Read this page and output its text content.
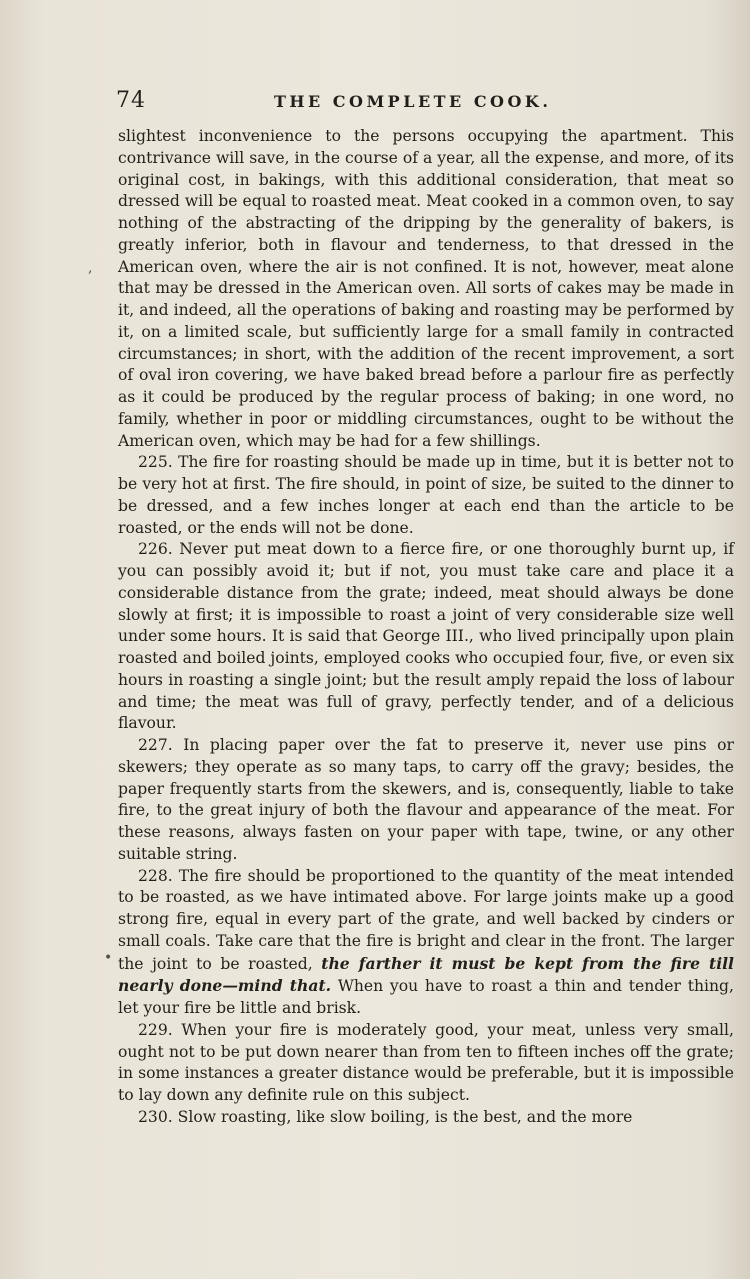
74	THE COMPLETE COOK.

slightest inconvenience to the persons occupying the apartment. This contrivance will save, in the course of a year, all the expense, and more, of its original cost, in bakings, with this additional consideration, that meat so dressed will be equal to roasted meat. Meat cooked in a common oven, to say nothing of the abstracting of the dripping by the generality of bakers, is greatly inferior, both in flavour and tenderness, to that dressed in the American oven, where the air is not confined. It is not, however, meat alone that may be dressed in the American oven. All sorts of cakes may be made in it, and indeed, all the operations of baking and roasting may be performed by it, on a limited scale, but sufficiently large for a small family in contracted circumstances; in short, with the addition of the recent improvement, a sort of oval iron covering, we have baked bread before a parlour fire as perfectly as it could be produced by the regular process of baking; in one word, no family, whether in poor or middling circumstances, ought to be without the American oven, which may be had for a few shillings.

225. The fire for roasting should be made up in time, but it is better not to be very hot at first. The fire should, in point of size, be suited to the dinner to be dressed, and a few inches longer at each end than the article to be roasted, or the ends will not be done.

226. Never put meat down to a fierce fire, or one thoroughly burnt up, if you can possibly avoid it; but if not, you must take care and place it a considerable distance from the grate; indeed, meat should always be done slowly at first; it is impossible to roast a joint of very considerable size well under some hours. It is said that George III., who lived principally upon plain roasted and boiled joints, employed cooks who occupied four, five, or even six hours in roasting a single joint; but the result amply repaid the loss of labour and time; the meat was full of gravy, perfectly tender, and of a delicious flavour.

227. In placing paper over the fat to preserve it, never use pins or skewers; they operate as so many taps, to carry off the gravy; besides, the paper frequently starts from the skewers, and is, consequently, liable to take fire, to the great injury of both the flavour and appearance of the meat. For these reasons, always fasten on your paper with tape, twine, or any other suitable string.

228. The fire should be proportioned to the quantity of the meat intended to be roasted, as we have intimated above. For large joints make up a good strong fire, equal in every part of the grate, and well backed by cinders or small coals. Take care that the fire is bright and clear in the front. The larger the joint to be roasted, the farther it must be kept from the fire till nearly done—mind that. When you have to roast a thin and tender thing, let your fire be little and brisk.

229. When your fire is moderately good, your meat, unless very small, ought not to be put down nearer than from ten to fifteen inches off the grate; in some instances a greater distance would be preferable, but it is impossible to lay down any definite rule on this subject.

230. Slow roasting, like slow boiling, is the best, and the more

,
•
